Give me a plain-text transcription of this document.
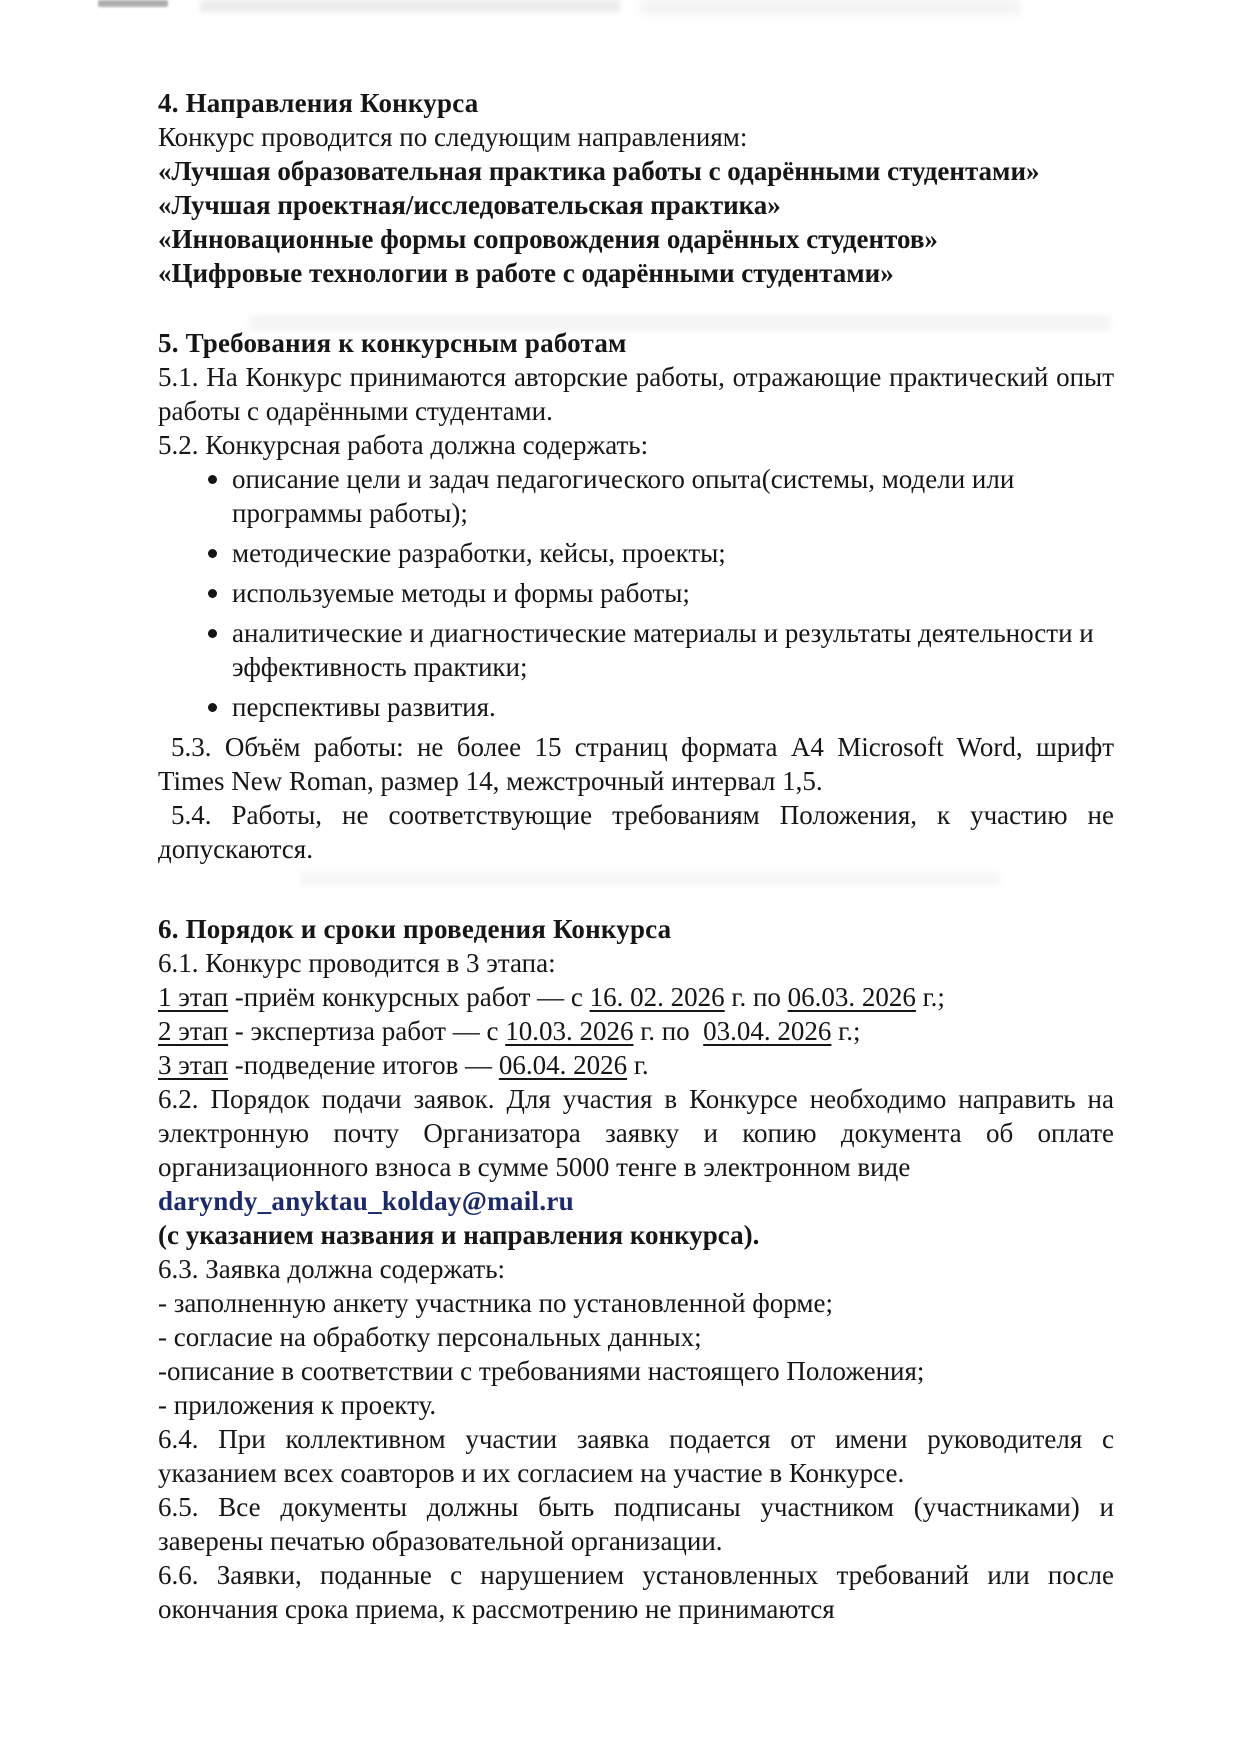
4. Направления Конкурса

Конкурс проводится по следующим направлениям:

«Лучшая образовательная практика работы с одарёнными студентами»

«Лучшая проектная/исследовательская практика»

«Инновационные формы сопровождения одарённых студентов»

«Цифровые технологии в работе с одарёнными студентами»

5. Требования к конкурсным работам

5.1. На Конкурс принимаются авторские работы, отражающие практический опыт работы с одарёнными студентами.

5.2. Конкурсная работа должна содержать:

описание цели и задач педагогического опыта(системы, модели или программы работы);
методические разработки, кейсы, проекты;
используемые методы и формы работы;
аналитические и диагностические материалы и результаты деятельности и эффективность практики;
перспективы развития.

5.3. Объём работы: не более 15 страниц формата A4 Microsoft Word, шрифт Times New Roman, размер 14, межстрочный интервал 1,5.

5.4. Работы, не соответствующие требованиям Положения, к участию не допускаются.

6. Порядок и сроки проведения Конкурса

6.1. Конкурс проводится в 3 этапа:

1 этап -приём конкурсных работ — с 16. 02. 2026 г. по 06.03. 2026 г.;

2 этап - экспертиза работ — с 10.03. 2026 г. по  03.04. 2026 г.;

3 этап -подведение итогов — 06.04. 2026 г.

6.2. Порядок подачи заявок. Для участия в Конкурсе необходимо направить на электронную почту Организатора заявку и копию документа об оплате организационного взноса в сумме 5000 тенге в электронном виде

daryndy_anyktau_kolday@mail.ru

(с указанием названия и направления конкурса).

6.3. Заявка должна содержать:

- заполненную анкету участника по установленной форме;

- согласие на обработку персональных данных;

-описание в соответствии с требованиями настоящего Положения;

- приложения к проекту.

6.4. При коллективном участии заявка подается от имени руководителя с указанием всех соавторов и их согласием на участие в Конкурсе.

6.5. Все документы должны быть подписаны участником (участниками) и заверены печатью образовательной организации.

6.6. Заявки, поданные с нарушением установленных требований или после окончания срока приема, к рассмотрению не принимаются
